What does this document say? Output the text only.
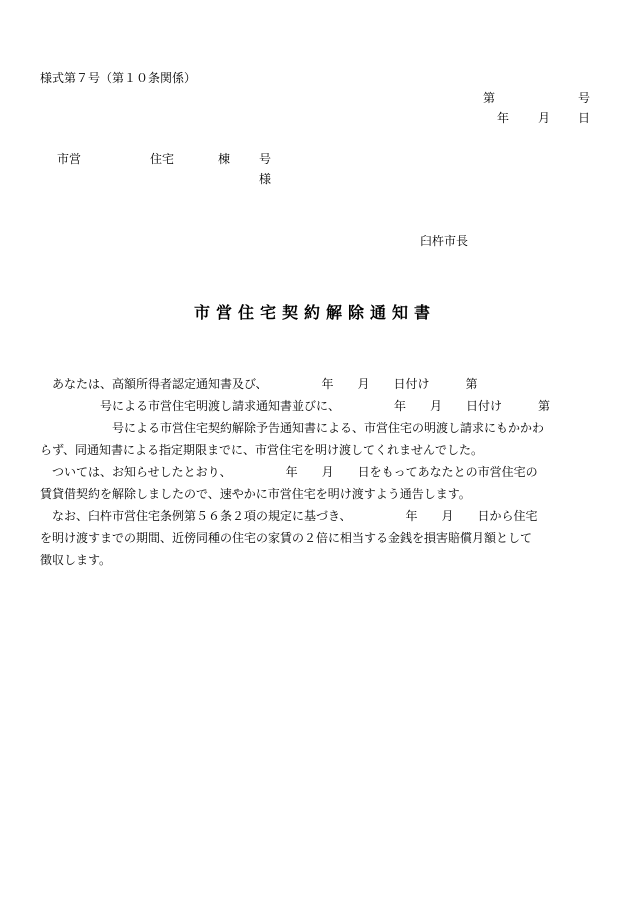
様式第７号（第１０条関係）
第	号
年 月 日
市営	住宅	棟 号
様
臼杵市長
市営住宅契約解除通知書
　あなたは、高額所得者認定通知書及び、　　　　　年　　月　　日付け　　　第
　　　　　号による市営住宅明渡し請求通知書並びに、　　　　　年　　月　　日付け　　　第
　　　　　　号による市営住宅契約解除予告通知書による、市営住宅の明渡し請求にもかかわ
らず、同通知書による指定期限までに、市営住宅を明け渡してくれませんでした。
　ついては、お知らせしたとおり、　　　　　年　　月　　日をもってあなたとの市営住宅の
賃貸借契約を解除しましたので、速やかに市営住宅を明け渡すよう通告します。
　なお、臼杵市営住宅条例第５６条２項の規定に基づき、　　　　　年　　月　　日から住宅
を明け渡すまでの期間、近傍同種の住宅の家賃の２倍に相当する金銭を損害賠償月額として
徴収します。
